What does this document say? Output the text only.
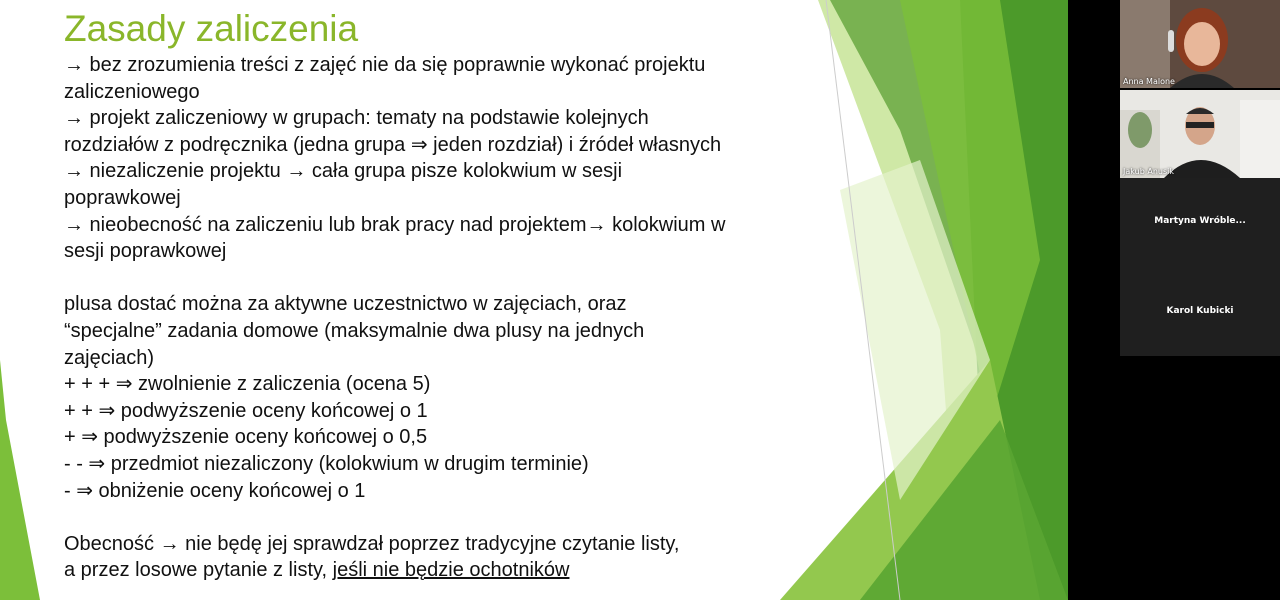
Zasady zaliczenia
→ bez zrozumienia treści z zajęć nie da się poprawnie wykonać projektu
zaliczeniowego
→ projekt zaliczeniowy w grupach: tematy na podstawie kolejnych
rozdziałów z podręcznika (jedna grupa ⇒ jeden rozdział) i źródeł własnych
→ niezaliczenie projektu → cała grupa pisze kolokwium w sesji
poprawkowej
→ nieobecność na zaliczeniu lub brak pracy nad projektem→ kolokwium w
sesji poprawkowej
plusa dostać można za aktywne uczestnictwo w zajęciach, oraz
“specjalne” zadania domowe (maksymalnie dwa plusy na jednych
zajęciach)
+ + + ⇒ zwolnienie z zaliczenia (ocena 5)
+ + ⇒ podwyższenie oceny końcowej o 1
+ ⇒ podwyższenie oceny końcowej o 0,5
- - ⇒ przedmiot niezaliczony (kolokwium w drugim terminie)
- ⇒ obniżenie oceny końcowej o 1
Obecność → nie będę jej sprawdzał poprzez tradycyjne czytanie listy,
a przez losowe pytanie z listy, jeśli nie będzie ochotników
Anna Malone
Jakub Anusik
Martyna Wróble...
Karol Kubicki
